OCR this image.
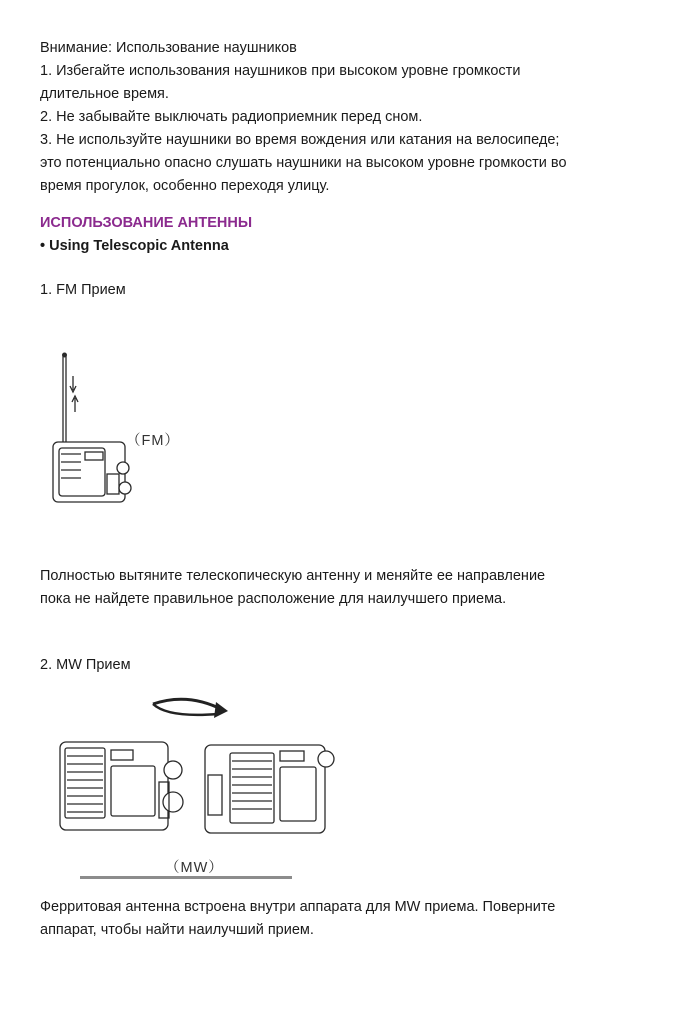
Внимание: Использование наушников
1. Избегайте использования наушников при высоком уровне громкости
длительное время.
2. Не забывайте выключать радиоприемник перед сном.
3. Не используйте наушники во время вождения или катания на велосипеде;
это потенциально опасно слушать наушники на высоком уровне громкости во
время прогулок, особенно переходя улицу.
ИСПОЛЬЗОВАНИЕ АНТЕННЫ
• Using Telescopic Antenna
1. FM Прием
（FM）
Полностью вытяните телескопическую антенну и меняйте ее направление
пока не найдете правильное расположение для наилучшего приема.
2. MW Прием
（MW）
Ферритовая антенна встроена внутри аппарата для MW приема. Поверните
аппарат, чтобы найти наилучший прием.
